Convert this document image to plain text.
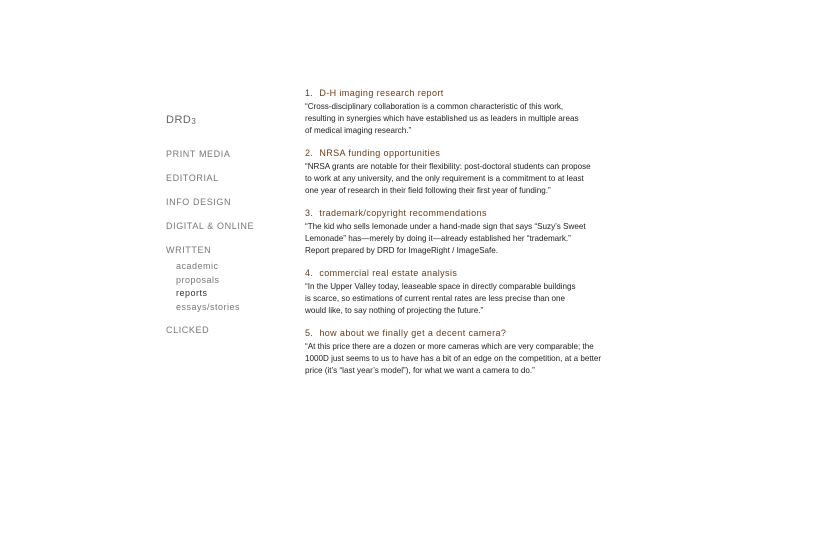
$DRD_3$
PRINT MEDIA
EDITORIAL
INFO DESIGN
DIGITAL & ONLINE
WRITTEN
academic
proposals
reports
essays/stories
CLICKED
1. D-H imaging research report

“Cross-disciplinary collaboration is a common characteristic of this work,
resulting in synergies which have established us as leaders in multiple areas
of medical imaging research.”

2. NRSA funding opportunities

“NRSA grants are notable for their flexibility: post-doctoral students can propose
to work at any university, and the only requirement is a commitment to at least
one year of research in their field following their first year of funding.”

3. trademark/copyright recommendations

“The kid who sells lemonade under a hand-made sign that says “Suzy’s Sweet
Lemonade” has—merely by doing it—already established her “trademark.”
Report prepared by DRD for ImageRight / ImageSafe.

4. commercial real estate analysis

“In the Upper Valley today, leaseable space in directly comparable buildings
is scarce, so estimations of current rental rates are less precise than one
would like, to say nothing of projecting the future.”

5. how about we finally get a decent camera?

“At this price there are a dozen or more cameras which are very comparable; the
1000D just seems to us to have has a bit of an edge on the competition, at a better
price (it’s “last year’s model”), for what we want a camera to do.”
